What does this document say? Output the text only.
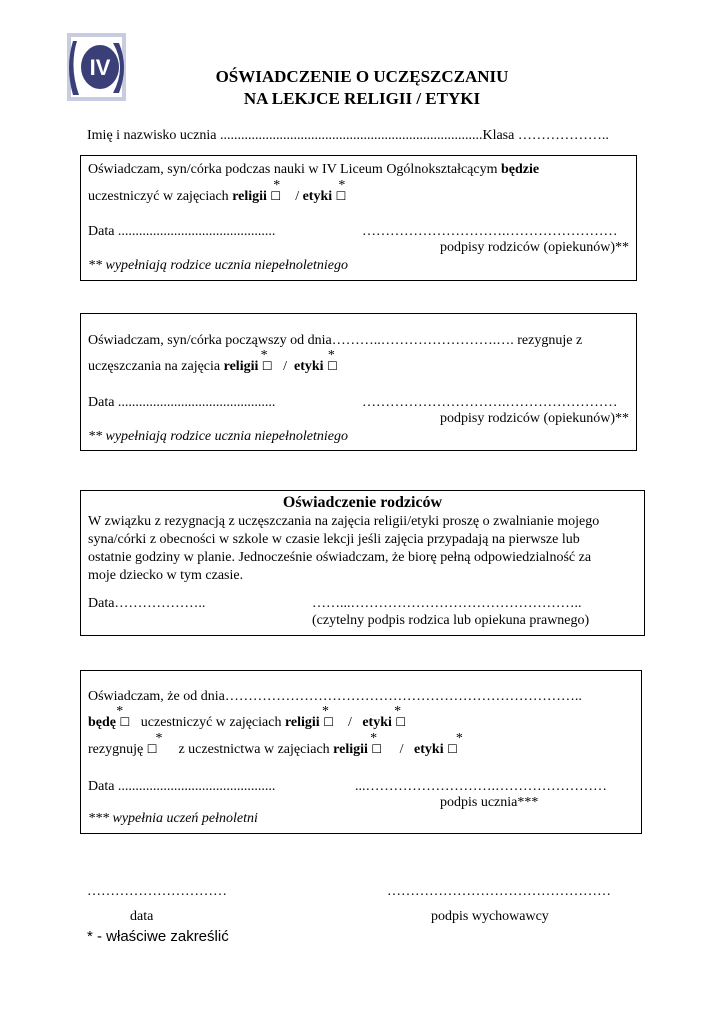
IV	OŚWIADCZENIE O UCZĘSZCZANIU
NA LEKJCE RELIGII / ETYKI
Imię i nazwisko ucznia ...........................................................................Klasa ………………..
Oświadczam, syn/córka podczas nauki w IV Liceum Ogólnokształcącym będzie
uczestniczyć w zajęciach religii ☐
*
/ etyki ☐
*
Data .............................................	………………………….……………………
podpisy rodziców (opiekunów)**
** wypełniają rodzice ucznia niepełnoletniego
Oświadczam, syn/córka począwszy od dnia………..…………………….…. rezygnuje z
uczęszczania na zajęcia religii ☐
*
/  etyki ☐
*
Data .............................................	………………………….……………………
podpisy rodziców (opiekunów)**
** wypełniają rodzice ucznia niepełnoletniego
Oświadczenie rodziców
W związku z rezygnacją z uczęszczania na zajęcia religii/etyki proszę o zwalnianie mojego
syna/córki z obecności w szkole w czasie lekcji jeśli zajęcia przypadają na pierwsze lub
ostatnie godziny w planie. Jednocześnie oświadczam, że biorę pełną odpowiedzialność za
moje dziecko w tym czasie.
Data………………..	……...…………………………………………..
(czytelny podpis rodzica lub opiekuna prawnego)
Oświadczam, że od dnia…………………………………………………………………..
będę ☐
*
uczestniczyć w zajęciach religii ☐
*
/   etyki ☐
*
rezygnuję ☐
*
z uczestnictwa w zajęciach religii ☐
*
/   etyki ☐
*
Data .............................................	...……………………….……………………
podpis ucznia***
*** wypełnia uczeń pełnoletni
…………………………	…………………………………………
data	podpis wychowawcy
* - właściwe zakreślić
